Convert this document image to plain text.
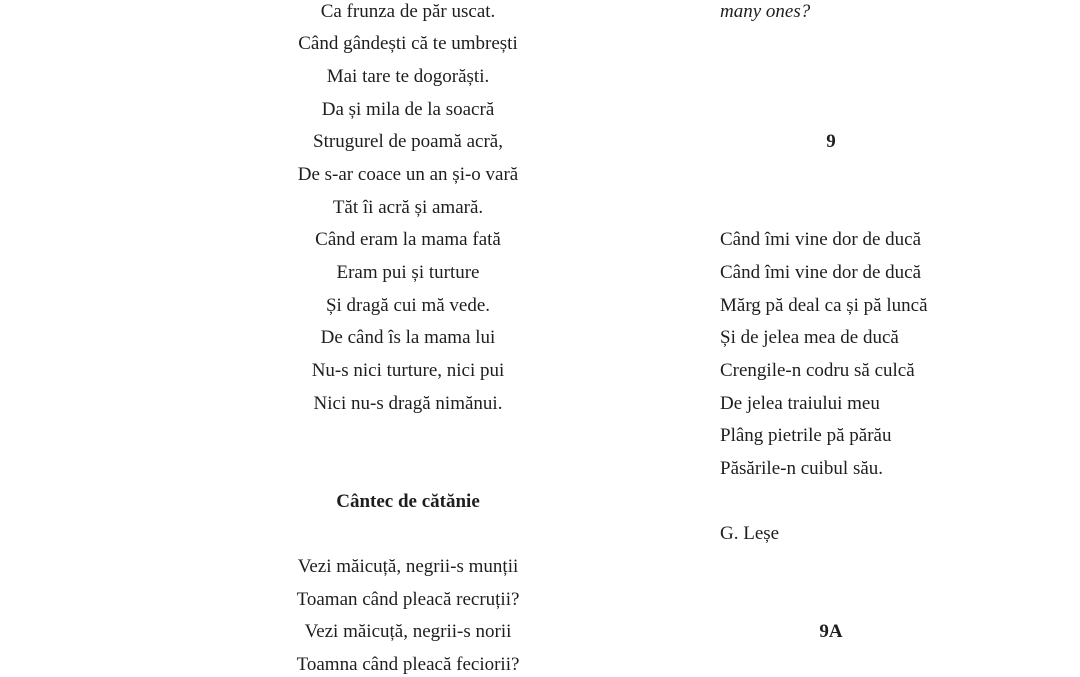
Ca frunza de păr uscat.
Când gândești că te umbrești
Mai tare te dogorăști.
Da și mila de la soacră
Strugurel de poamă acră,
De s-ar coace un an și-o vară
Tăt îi acră și amară.
Când eram la mama fată
Eram pui și turture
Și dragă cui mă vede.
De când îs la mama lui
Nu-s nici turture, nici pui
Nici nu-s dragă nimănui.
Cântec de cătănie
Vezi măicuță, negrii-s munții
Toaman când pleacă recruții?
Vezi măicuță, negrii-s norii
Toamna când pleacă feciorii?
many ones?
9
Când îmi vine dor de ducă
Când îmi vine dor de ducă
Mărg pă deal ca și pă luncă
Și de jelea mea de ducă
Crengile-n codru să culcă
De jelea traiului meu
Plâng pietrile pă părău
Păsările-n cuibul său.
G. Leșe
9A
